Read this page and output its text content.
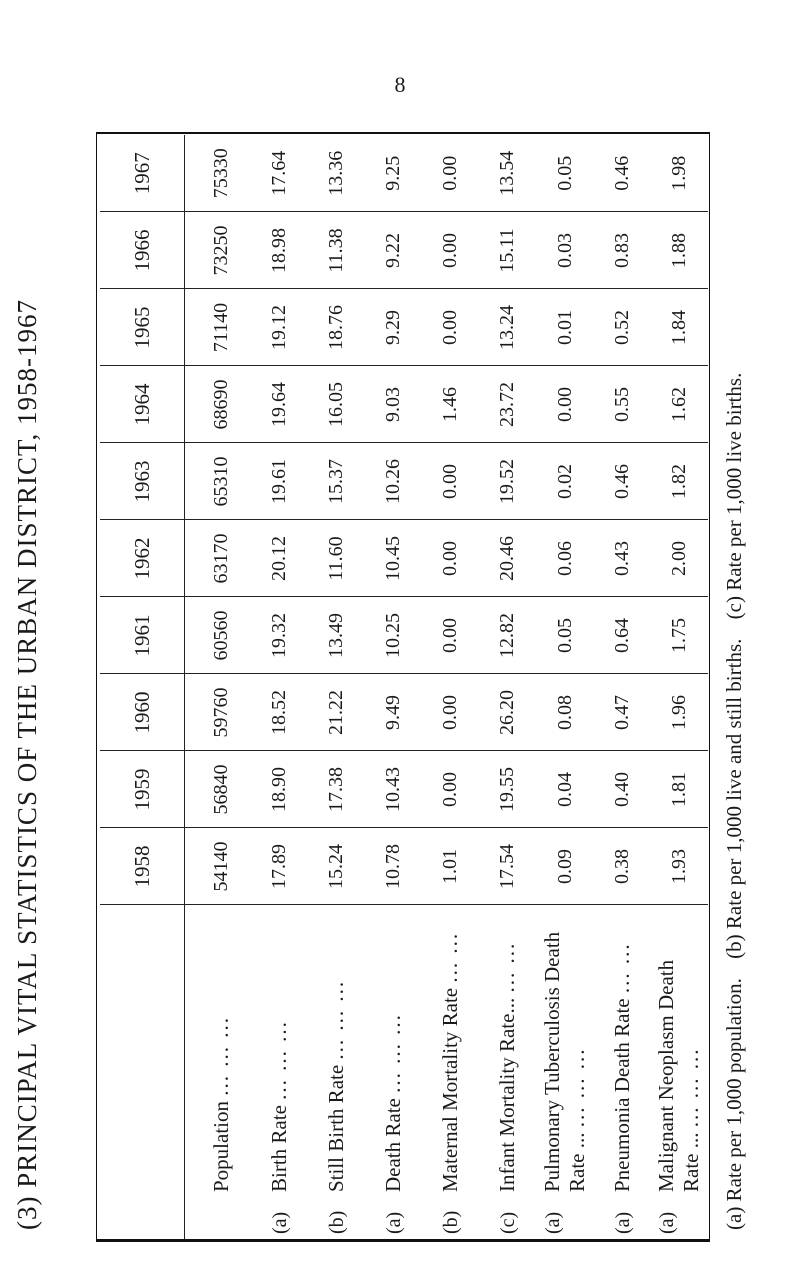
8
(3) PRINCIPAL VITAL STATISTICS OF THE URBAN DISTRICT, 1958-1967
		1958	1959	1960	1961	1962	1963	1964	1965	1966	1967
Population ... ... ...	54140	56840	59760	60560	63170	65310	68690	71140	73250	75330
(a)Birth Rate ... ... ...	17.89	18.90	18.52	19.32	20.12	19.61	19.64	19.12	18.98	17.64
(b)Still Birth Rate ... ... ...	15.24	17.38	21.22	13.49	11.60	15.37	16.05	18.76	11.38	13.36
(a)Death Rate ... ... ...	10.78	10.43	9.49	10.25	10.45	10.26	9.03	9.29	9.22	9.25
(b)Maternal Mortality Rate ... ...	1.01	0.00	0.00	0.00	0.00	0.00	1.46	0.00	0.00	0.00
(c)Infant Mortality Rate... ... ...	17.54	19.55	26.20	12.82	20.46	19.52	23.72	13.24	15.11	13.54
(a)Pulmonary Tuberculosis Death
Rate ... ... ... ...	0.09	0.04	0.08	0.05	0.06	0.02	0.00	0.01	0.03	0.05
(a)Pneumonia Death Rate ... ...	0.38	0.40	0.47	0.64	0.43	0.46	0.55	0.52	0.83	0.46
(a)Malignant Neoplasm Death
Rate ... ... ... ...	1.93	1.81	1.96	1.75	2.00	1.82	1.62	1.84	1.88	1.98
(a) Rate per 1,000 population. (b) Rate per 1,000 live and still births. (c) Rate per 1,000 live births.
